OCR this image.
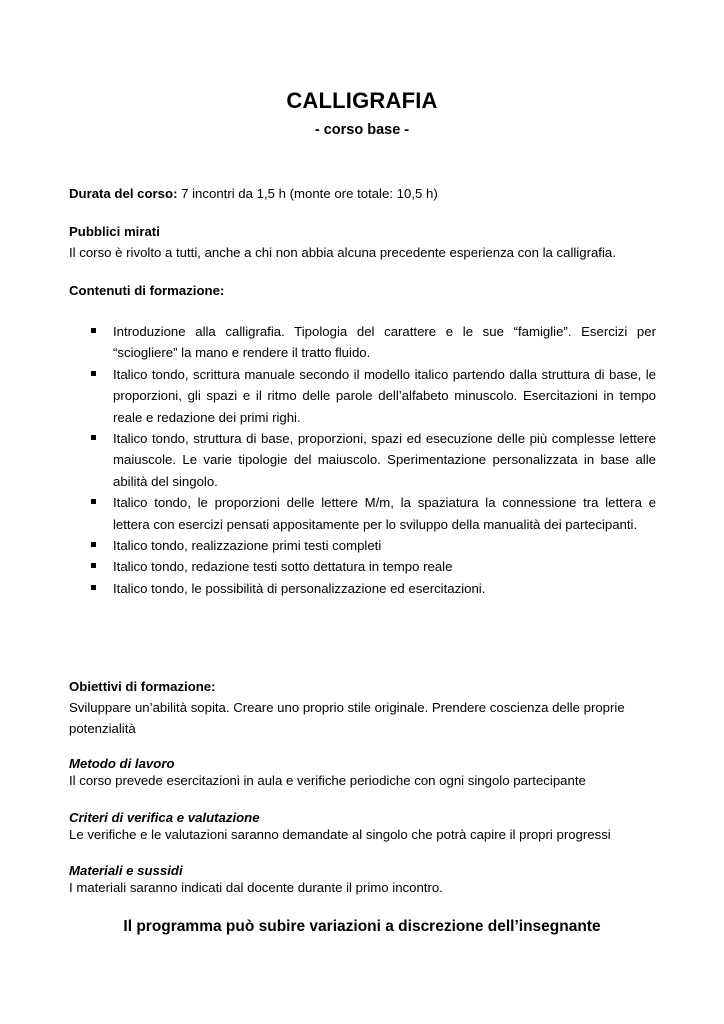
CALLIGRAFIA
- corso base -
Durata del corso: 7 incontri da 1,5 h (monte ore totale: 10,5 h)
Pubblici mirati
Il corso è rivolto a tutti, anche a chi non abbia alcuna precedente esperienza con la calligrafia.
Contenuti di formazione:
Introduzione alla calligrafia. Tipologia del carattere e le sue “famiglie”. Esercizi per “sciogliere” la mano e rendere il tratto fluido.
Italico tondo, scrittura manuale secondo il modello italico partendo dalla struttura di base, le proporzioni, gli spazi e il ritmo delle parole dell’alfabeto minuscolo. Esercitazioni in tempo reale e redazione dei primi righi.
Italico tondo, struttura di base, proporzioni, spazi ed esecuzione delle più complesse lettere maiuscole. Le varie tipologie del maiuscolo. Sperimentazione personalizzata in base alle abilità del singolo.
Italico tondo, le proporzioni delle lettere M/m, la spaziatura la connessione tra lettera e lettera con esercizi pensati appositamente per lo sviluppo della manualità dei partecipanti.
Italico tondo, realizzazione primi testi completi
Italico tondo, redazione testi sotto dettatura in tempo reale
Italico tondo, le possibilità di personalizzazione ed esercitazioni.
Obiettivi di formazione:
Sviluppare un’abilità sopita. Creare uno proprio stile originale. Prendere coscienza delle proprie potenzialità
Metodo di lavoro
Il corso prevede esercitazioni in aula e verifiche periodiche con ogni singolo partecipante
Criteri di verifica e valutazione
Le verifiche e le valutazioni saranno demandate al singolo che potrà capire il propri progressi
Materiali e sussidi
I materiali saranno indicati dal docente durante il primo incontro.
Il programma può subire variazioni a discrezione dell’insegnante
